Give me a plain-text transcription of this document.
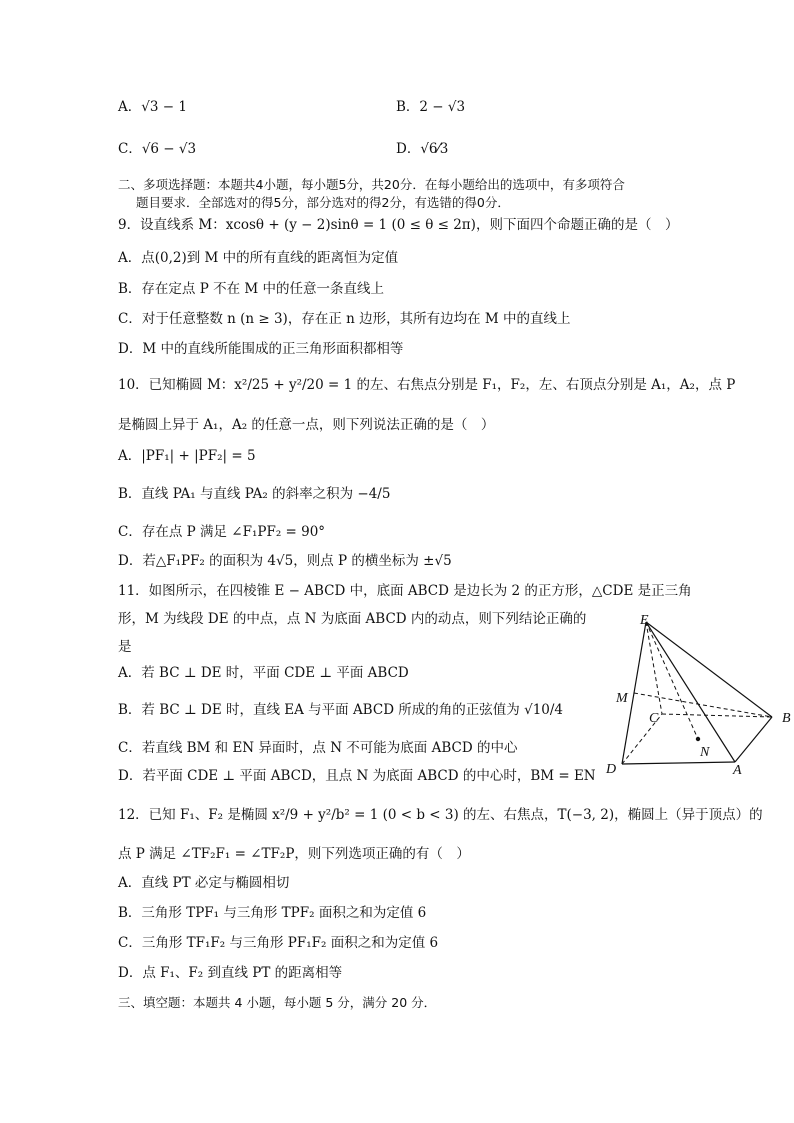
A．√3 − 1	B．2 − √3
C．√6 − √3	D．√6⁄3
二、多项选择题：本题共4小题，每小题5分，共20分．在每小题给出的选项中，有多项符合
题目要求．全部选对的得5分，部分选对的得2分，有选错的得0分．
9．设直线系 M：xcosθ + (y − 2)sinθ = 1 (0 ≤ θ ≤ 2π)，则下面四个命题正确的是（　）
A．点(0,2)到 M 中的所有直线的距离恒为定值
B．存在定点 P 不在 M 中的任意一条直线上
C．对于任意整数 n (n ≥ 3)，存在正 n 边形，其所有边均在 M 中的直线上
D．M 中的直线所能围成的正三角形面积都相等
10．已知椭圆 M：x²/25 + y²/20 = 1 的左、右焦点分别是 F₁，F₂，左、右顶点分别是 A₁，A₂，点 P
是椭圆上异于 A₁，A₂ 的任意一点，则下列说法正确的是（　）
A．|PF₁| + |PF₂| = 5
B．直线 PA₁ 与直线 PA₂ 的斜率之积为 −4/5
C．存在点 P 满足 ∠F₁PF₂ = 90°
D．若△F₁PF₂ 的面积为 4√5，则点 P 的横坐标为 ±√5
11．如图所示，在四棱锥 E − ABCD 中，底面 ABCD 是边长为 2 的正方形，△CDE 是正三角
形，M 为线段 DE 的中点，点 N 为底面 ABCD 内的动点，则下列结论正确的
是
A．若 BC ⊥ DE 时，平面 CDE ⊥ 平面 ABCD
B．若 BC ⊥ DE 时，直线 EA 与平面 ABCD 所成的角的正弦值为 √10/4
C．若直线 BM 和 EN 异面时，点 N 不可能为底面 ABCD 的中心
D．若平面 CDE ⊥ 平面 ABCD，且点 N 为底面 ABCD 的中心时，BM = EN
E
M
C	B
N
D	A
12．已知 F₁、F₂ 是椭圆 x²/9 + y²/b² = 1 (0 < b < 3) 的左、右焦点，T(−3, 2)，椭圆上（异于顶点）的
点 P 满足 ∠TF₂F₁ = ∠TF₂P，则下列选项正确的有（　）
A．直线 PT 必定与椭圆相切
B．三角形 TPF₁ 与三角形 TPF₂ 面积之和为定值 6
C．三角形 TF₁F₂ 与三角形 PF₁F₂ 面积之和为定值 6
D．点 F₁、F₂ 到直线 PT 的距离相等
三、填空题：本题共 4 小题，每小题 5 分，满分 20 分．
